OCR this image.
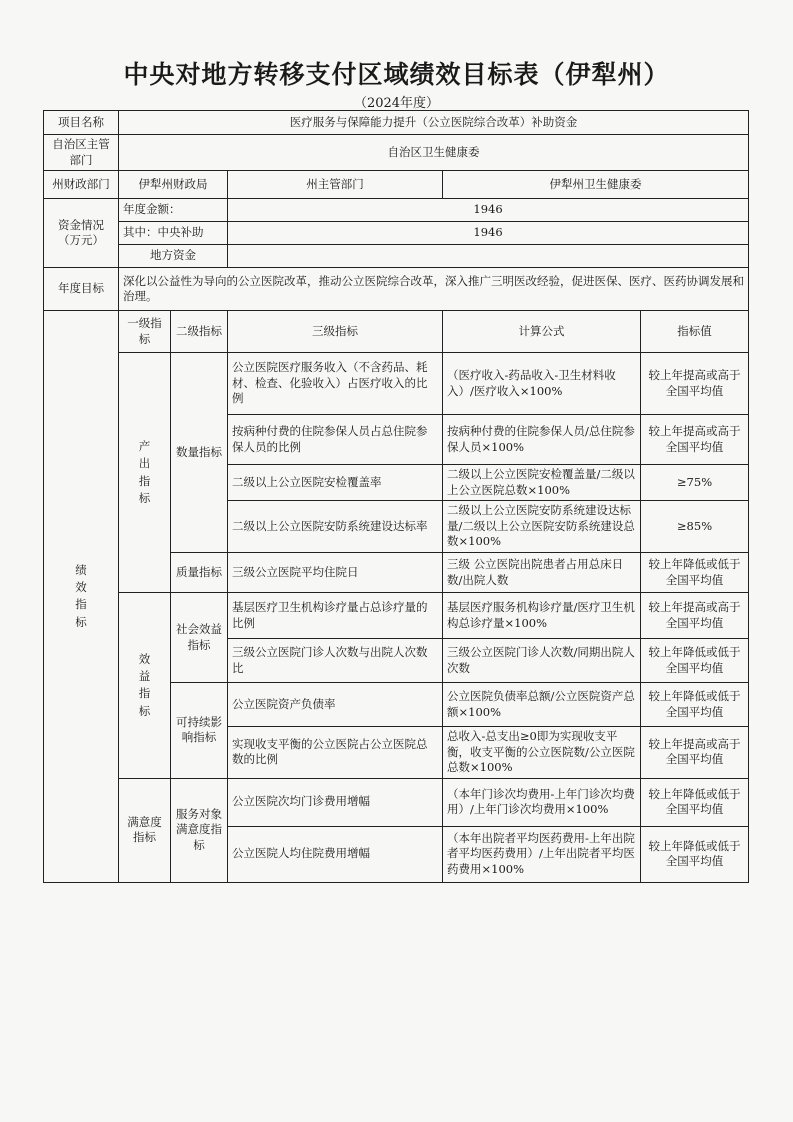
中央对地方转移支付区域绩效目标表（伊犁州）
（2024年度）
项目名称	医疗服务与保障能力提升（公立医院综合改革）补助资金				
自治区主管部门	自治区卫生健康委				
州财政部门	伊犁州财政局		州主管部门	伊犁州卫生健康委	
资金情况（万元）	年度金额：		1946		
	其中：中央补助		1946		
	地方资金				
年度目标	深化以公益性为导向的公立医院改革，推动公立医院综合改革，深入推广三明医改经验，促进医保、医疗、医药协调发展和治理。				
绩效指标	一级指标	二级指标	三级指标	计算公式	指标值
	产出指标	数量指标	公立医院医疗服务收入（不含药品、耗材、检查、化验收入）占医疗收入的比例	（医疗收入-药品收入-卫生材料收入）/医疗收入×100%	较上年提高或高于全国平均值
			按病种付费的住院参保人员占总住院参保人员的比例	按病种付费的住院参保人员/总住院参保人员×100%	较上年提高或高于全国平均值
			二级以上公立医院安检覆盖率	二级以上公立医院安检覆盖量/二级以上公立医院总数×100%	≥75%
			二级以上公立医院安防系统建设达标率	二级以上公立医院安防系统建设达标量/二级以上公立医院安防系统建设总数×100%	≥85%
		质量指标	三级公立医院平均住院日	三级 公立医院出院患者占用总床日数/出院人数	较上年降低或低于全国平均值
	效益指标	社会效益指标	基层医疗卫生机构诊疗量占总诊疗量的比例	基层医疗服务机构诊疗量/医疗卫生机构总诊疗量×100%	较上年提高或高于全国平均值
			三级公立医院门诊人次数与出院人次数比	三级公立医院门诊人次数/同期出院人次数	较上年降低或低于全国平均值
		可持续影响指标	公立医院资产负债率	公立医院负债率总额/公立医院资产总额×100%	较上年降低或低于全国平均值
			实现收支平衡的公立医院占公立医院总数的比例	总收入-总支出≥0即为实现收支平衡，收支平衡的公立医院数/公立医院总数×100%	较上年提高或高于全国平均值
	满意度指标	服务对象满意度指标	公立医院次均门诊费用增幅	（本年门诊次均费用-上年门诊次均费用）/上年门诊次均费用×100%	较上年降低或低于全国平均值
			公立医院人均住院费用增幅	（本年出院者平均医药费用-上年出院者平均医药费用）/上年出院者平均医药费用×100%	较上年降低或低于全国平均值
